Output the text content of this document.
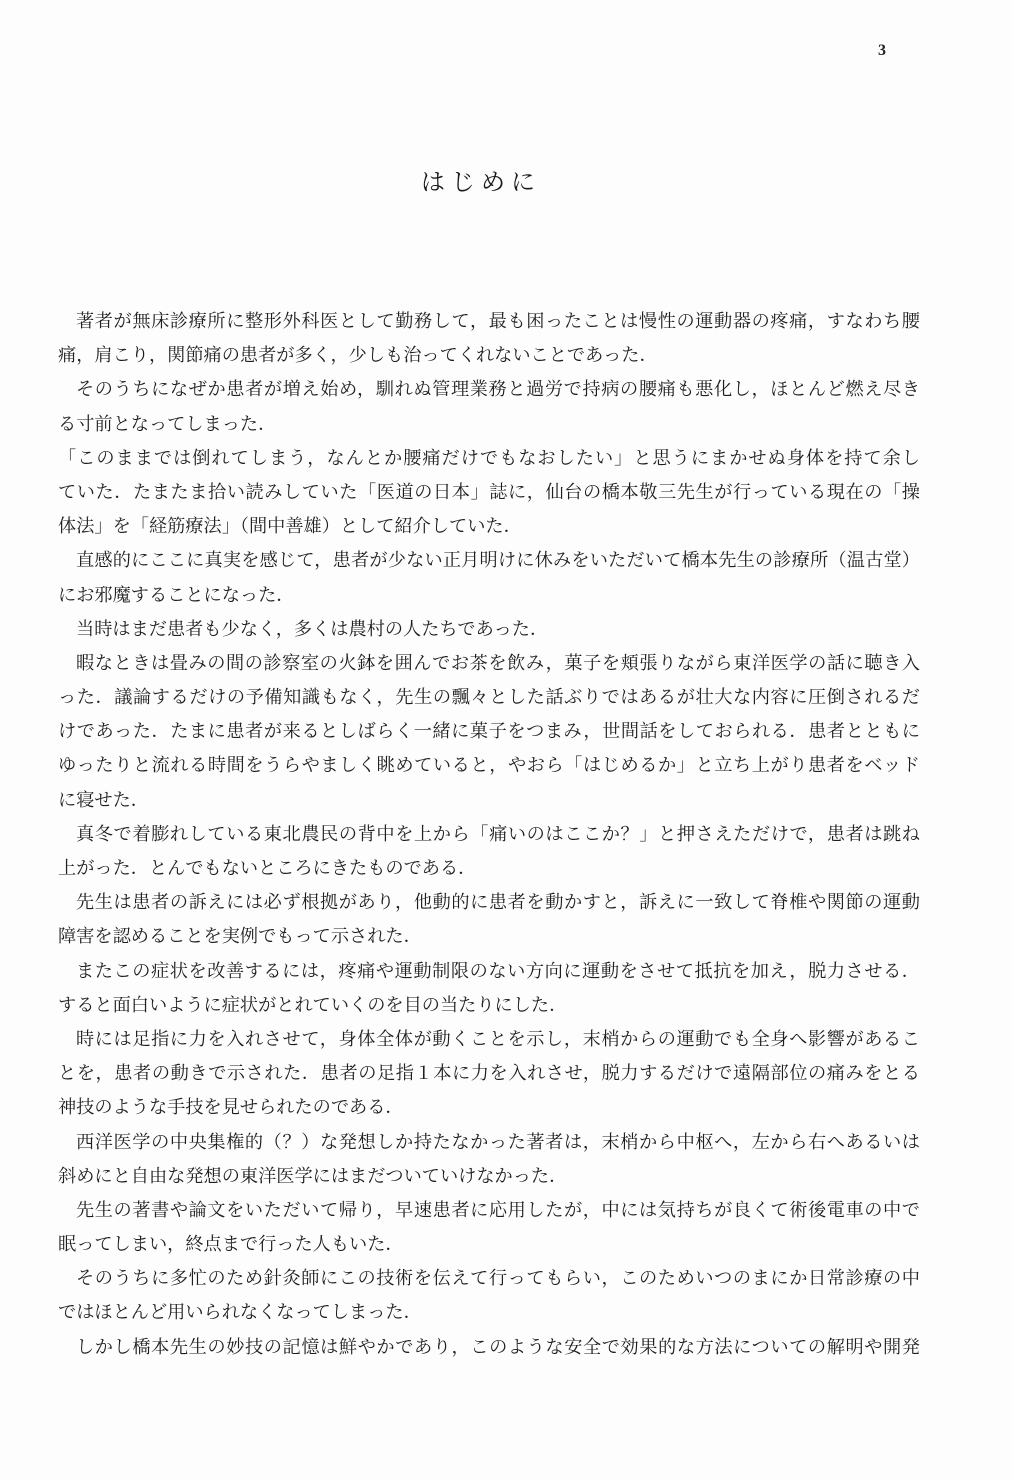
3
はじめに
著者が無床診療所に整形外科医として勤務して，最も困ったことは慢性の運動器の疼痛，すなわち腰
痛，肩こり，関節痛の患者が多く，少しも治ってくれないことであった．
そのうちになぜか患者が増え始め，馴れぬ管理業務と過労で持病の腰痛も悪化し，ほとんど燃え尽き
る寸前となってしまった．
「このままでは倒れてしまう，なんとか腰痛だけでもなおしたい」と思うにまかせぬ身体を持て余し
ていた．たまたま拾い読みしていた「医道の日本」誌に，仙台の橋本敬三先生が行っている現在の「操
体法」を「経筋療法」（間中善雄）として紹介していた．
直感的にここに真実を感じて，患者が少ない正月明けに休みをいただいて橋本先生の診療所（温古堂）
にお邪魔することになった．
当時はまだ患者も少なく，多くは農村の人たちであった．
暇なときは畳みの間の診察室の火鉢を囲んでお茶を飲み，菓子を頬張りながら東洋医学の話に聴き入
った．議論するだけの予備知識もなく，先生の飄々とした話ぶりではあるが壮大な内容に圧倒されるだ
けであった．たまに患者が来るとしばらく一緒に菓子をつまみ，世間話をしておられる．患者とともに
ゆったりと流れる時間をうらやましく眺めていると，やおら「はじめるか」と立ち上がり患者をベッド
に寝せた．
真冬で着膨れしている東北農民の背中を上から「痛いのはここか？」と押さえただけで，患者は跳ね
上がった．とんでもないところにきたものである．
先生は患者の訴えには必ず根拠があり，他動的に患者を動かすと，訴えに一致して脊椎や関節の運動
障害を認めることを実例でもって示された．
またこの症状を改善するには，疼痛や運動制限のない方向に運動をさせて抵抗を加え，脱力させる．
すると面白いように症状がとれていくのを目の当たりにした．
時には足指に力を入れさせて，身体全体が動くことを示し，末梢からの運動でも全身へ影響があるこ
とを，患者の動きで示された．患者の足指１本に力を入れさせ，脱力するだけで遠隔部位の痛みをとる
神技のような手技を見せられたのである．
西洋医学の中央集権的（？）な発想しか持たなかった著者は，末梢から中枢へ，左から右へあるいは
斜めにと自由な発想の東洋医学にはまだついていけなかった．
先生の著書や論文をいただいて帰り，早速患者に応用したが，中には気持ちが良くて術後電車の中で
眠ってしまい，終点まで行った人もいた．
そのうちに多忙のため針灸師にこの技術を伝えて行ってもらい，このためいつのまにか日常診療の中
ではほとんど用いられなくなってしまった．
しかし橋本先生の妙技の記憶は鮮やかであり，このような安全で効果的な方法についての解明や開発
